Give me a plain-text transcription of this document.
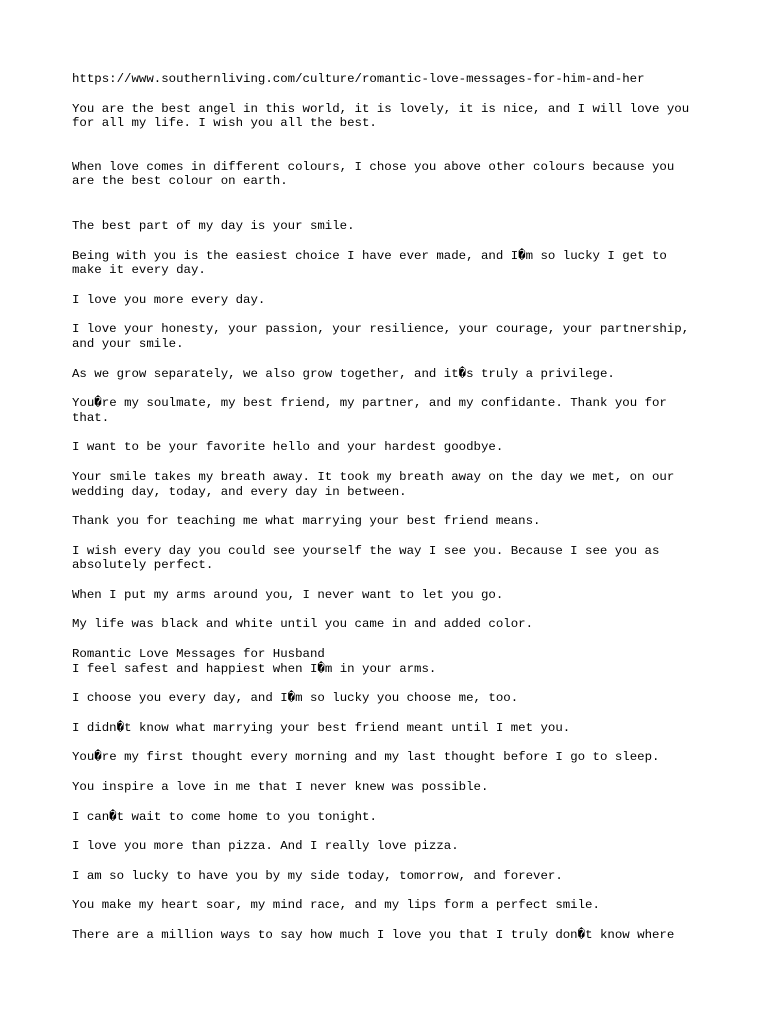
https://www.southernliving.com/culture/romantic-love-messages-for-him-and-her
You are the best angel in this world, it is lovely, it is nice, and I will love you
for all my life. I wish you all the best.
When love comes in different colours, I chose you above other colours because you
are the best colour on earth.
The best part of my day is your smile.
Being with you is the easiest choice I have ever made, and I�m so lucky I get to
make it every day.
I love you more every day.
I love your honesty, your passion, your resilience, your courage, your partnership,
and your smile.
As we grow separately, we also grow together, and it�s truly a privilege.
You�re my soulmate, my best friend, my partner, and my confidante. Thank you for
that.
I want to be your favorite hello and your hardest goodbye.
Your smile takes my breath away. It took my breath away on the day we met, on our
wedding day, today, and every day in between.
Thank you for teaching me what marrying your best friend means.
I wish every day you could see yourself the way I see you. Because I see you as
absolutely perfect.
When I put my arms around you, I never want to let you go.
My life was black and white until you came in and added color.
Romantic Love Messages for Husband
I feel safest and happiest when I�m in your arms.
I choose you every day, and I�m so lucky you choose me, too.
I didn�t know what marrying your best friend meant until I met you.
You�re my first thought every morning and my last thought before I go to sleep.
You inspire a love in me that I never knew was possible.
I can�t wait to come home to you tonight.
I love you more than pizza. And I really love pizza.
I am so lucky to have you by my side today, tomorrow, and forever.
You make my heart soar, my mind race, and my lips form a perfect smile.
There are a million ways to say how much I love you that I truly don�t know where
